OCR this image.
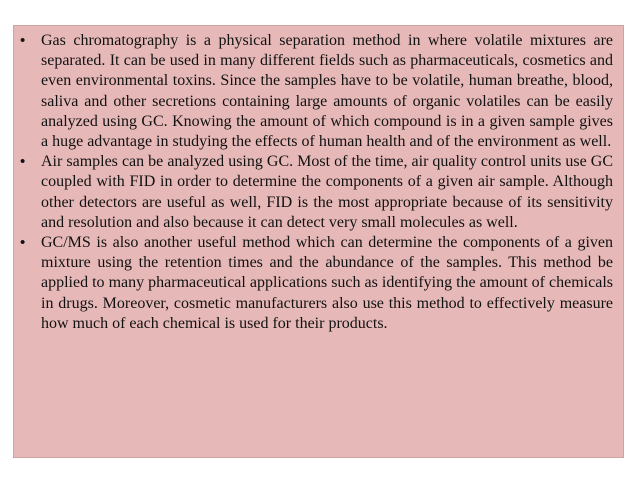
• Gas chromatography is a physical separation method in where volatile mixtures are separated. It can be used in many different fields such as pharmaceuticals, cosmetics and even environmental toxins. Since the samples have to be volatile, human breathe, blood, saliva and other secretions containing large amounts of organic volatiles can be easily analyzed using GC. Knowing the amount of which compound is in a given sample gives a huge advantage in studying the effects of human health and of the environment as well.
• Air samples can be analyzed using GC. Most of the time, air quality control units use GC coupled with FID in order to determine the components of a given air sample. Although other detectors are useful as well, FID is the most appropriate because of its sensitivity and resolution and also because it can detect very small molecules as well.
• GC/MS is also another useful method which can determine the components of a given mixture using the retention times and the abundance of the samples. This method be applied to many pharmaceutical applications such as identifying the amount of chemicals in drugs. Moreover, cosmetic manufacturers also use this method to effectively measure how much of each chemical is used for their products.
